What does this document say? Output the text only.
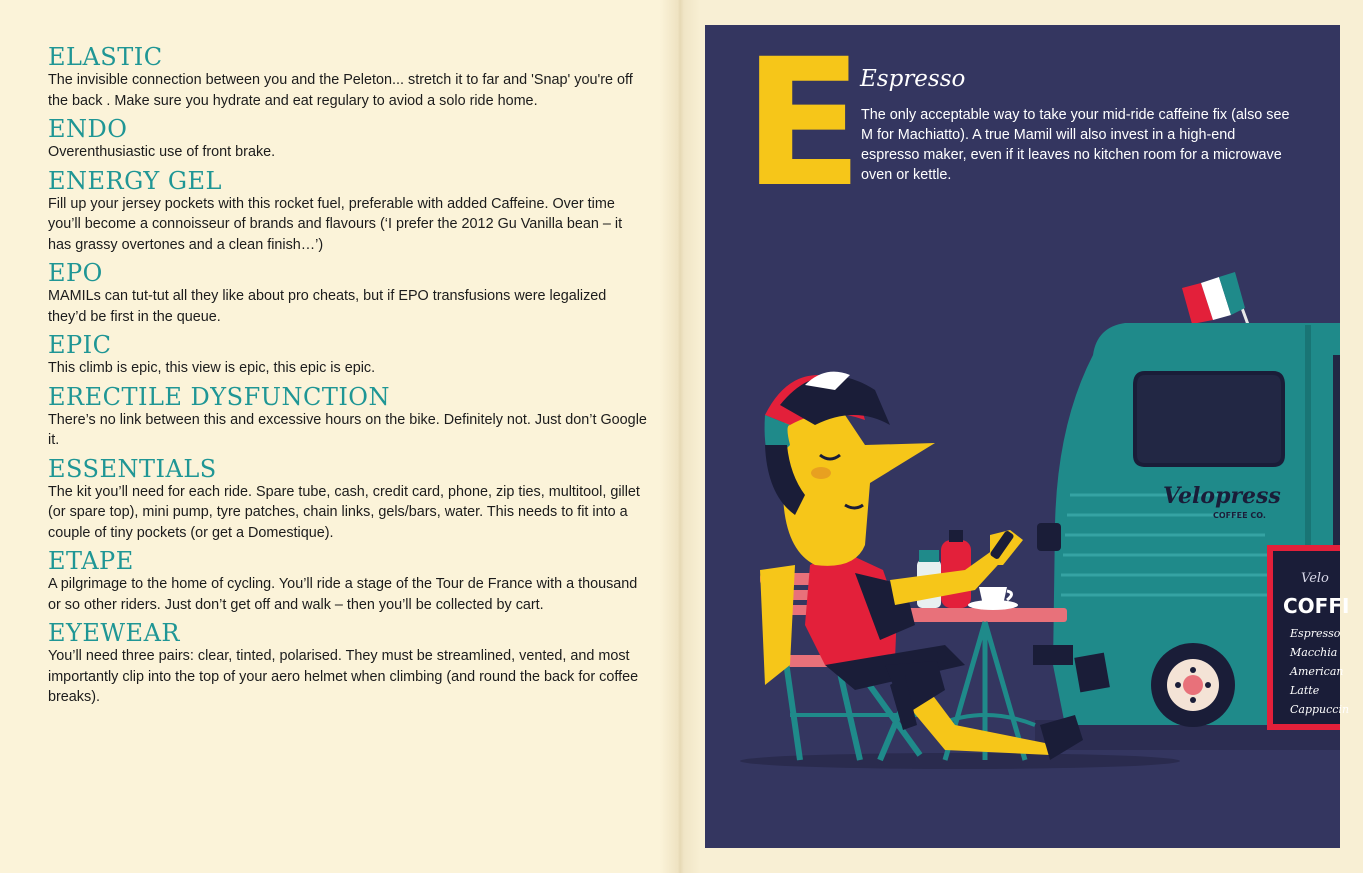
ELASTIC
The invisible connection between you and the Peleton... stretch it to far and 'Snap' you're off the back . Make sure you hydrate and eat regulary to aviod a solo ride home.
ENDO
Overenthusiastic use of front brake.
ENERGY GEL
Fill up your jersey pockets with this rocket fuel, preferable with added Caffeine. Over time you’ll become a connoisseur of brands and flavours (‘I prefer the 2012 Gu Vanilla bean – it has grassy overtones and a clean finish…’)
EPO
MAMILs can tut-tut all they like about pro cheats, but if EPO transfusions were legalized they’d be first in the queue.
EPIC
This climb is epic, this view is epic, this epic is epic.
ERECTILE DYSFUNCTION
There’s no link between this and excessive hours on the bike. Definitely not. Just don’t Google it.
ESSENTIALS
The kit you’ll need for each ride. Spare tube, cash, credit card, phone, zip ties, multitool, gillet (or spare top), mini pump, tyre patches, chain links, gels/bars, water. This needs to fit into a couple of tiny pockets (or get a Domestique).
ETAPE
A pilgrimage to the home of cycling. You’ll ride a stage of the Tour de France with a thousand or so other riders. Just don’t get off and walk – then you’ll be collected by cart.
EYEWEAR
You’ll need three pairs: clear, tinted, polarised. They must be streamlined, vented, and most importantly clip into the top of your aero helmet when climbing (and round the back for coffee breaks).
Velopress
COFFEE CO.
Velo
COFFI
Espresso
Macchia
American
Latte
Cappuccin
E
Espresso
The only acceptable way to take your mid-ride caffeine fix (also see M for Machiatto). A true Mamil will also invest in a high-end espresso maker, even if it leaves no kitchen room for a microwave oven or kettle.
